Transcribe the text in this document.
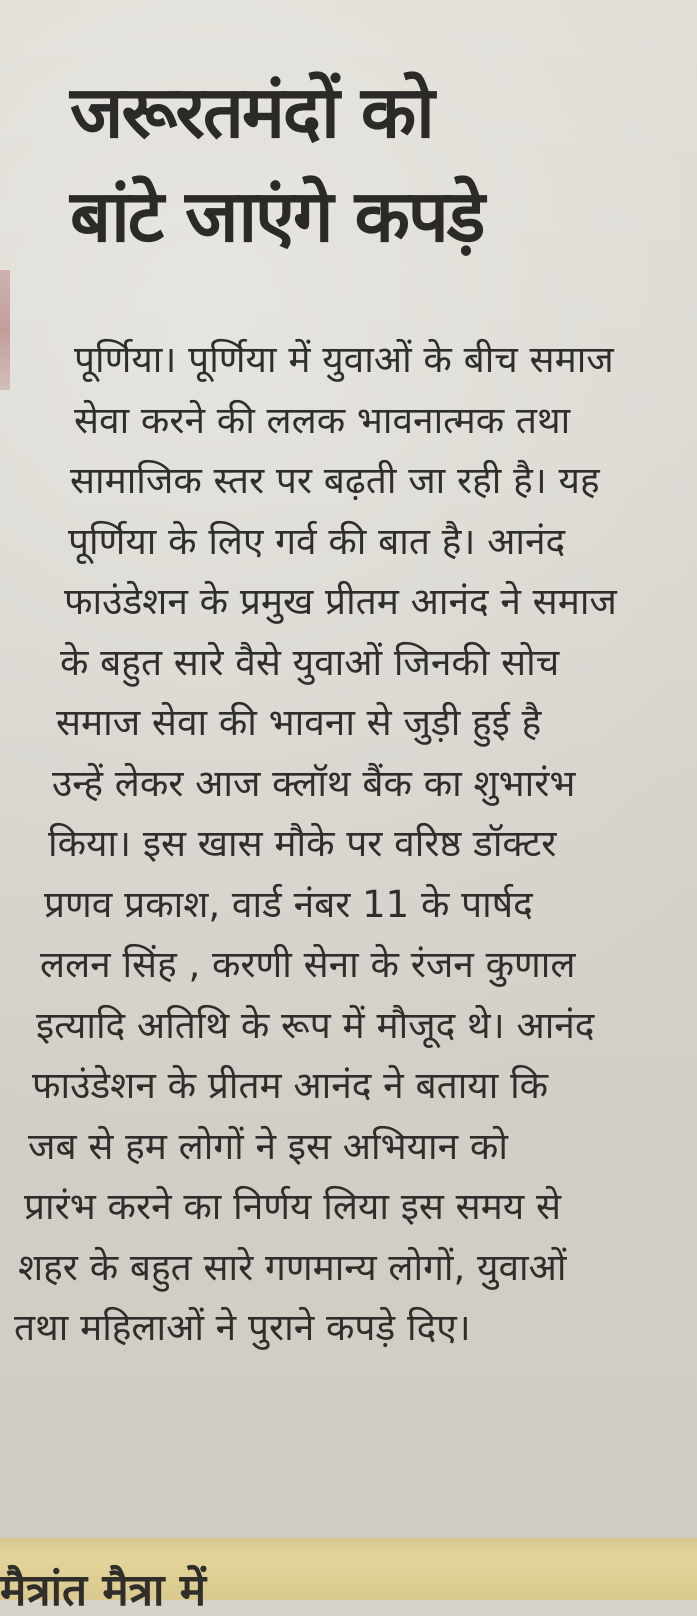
जरूरतमंदों को
बांटे जाएंगे कपड़े

पूर्णिया। पूर्णिया में युवाओं के बीच समाज
सेवा करने की ललक भावनात्मक तथा
सामाजिक स्तर पर बढ़ती जा रही है। यह
पूर्णिया के लिए गर्व की बात है। आनंद
फाउंडेशन के प्रमुख प्रीतम आनंद ने समाज
के बहुत सारे वैसे युवाओं जिनकी सोच
समाज सेवा की भावना से जुड़ी हुई है
उन्हें लेकर आज क्लॉथ बैंक का शुभारंभ
किया। इस खास मौके पर वरिष्ठ डॉक्टर
प्रणव प्रकाश, वार्ड नंबर 11 के पार्षद
ललन सिंह , करणी सेना के रंजन कुणाल
इत्यादि अतिथि के रूप में मौजूद थे। आनंद
फाउंडेशन के प्रीतम आनंद ने बताया कि
जब से हम लोगों ने इस अभियान को
प्रारंभ करने का निर्णय लिया इस समय से
शहर के बहुत सारे गणमान्य लोगों, युवाओं
तथा महिलाओं ने पुराने कपड़े दिए।

मैत्रांत मैत्रा में
